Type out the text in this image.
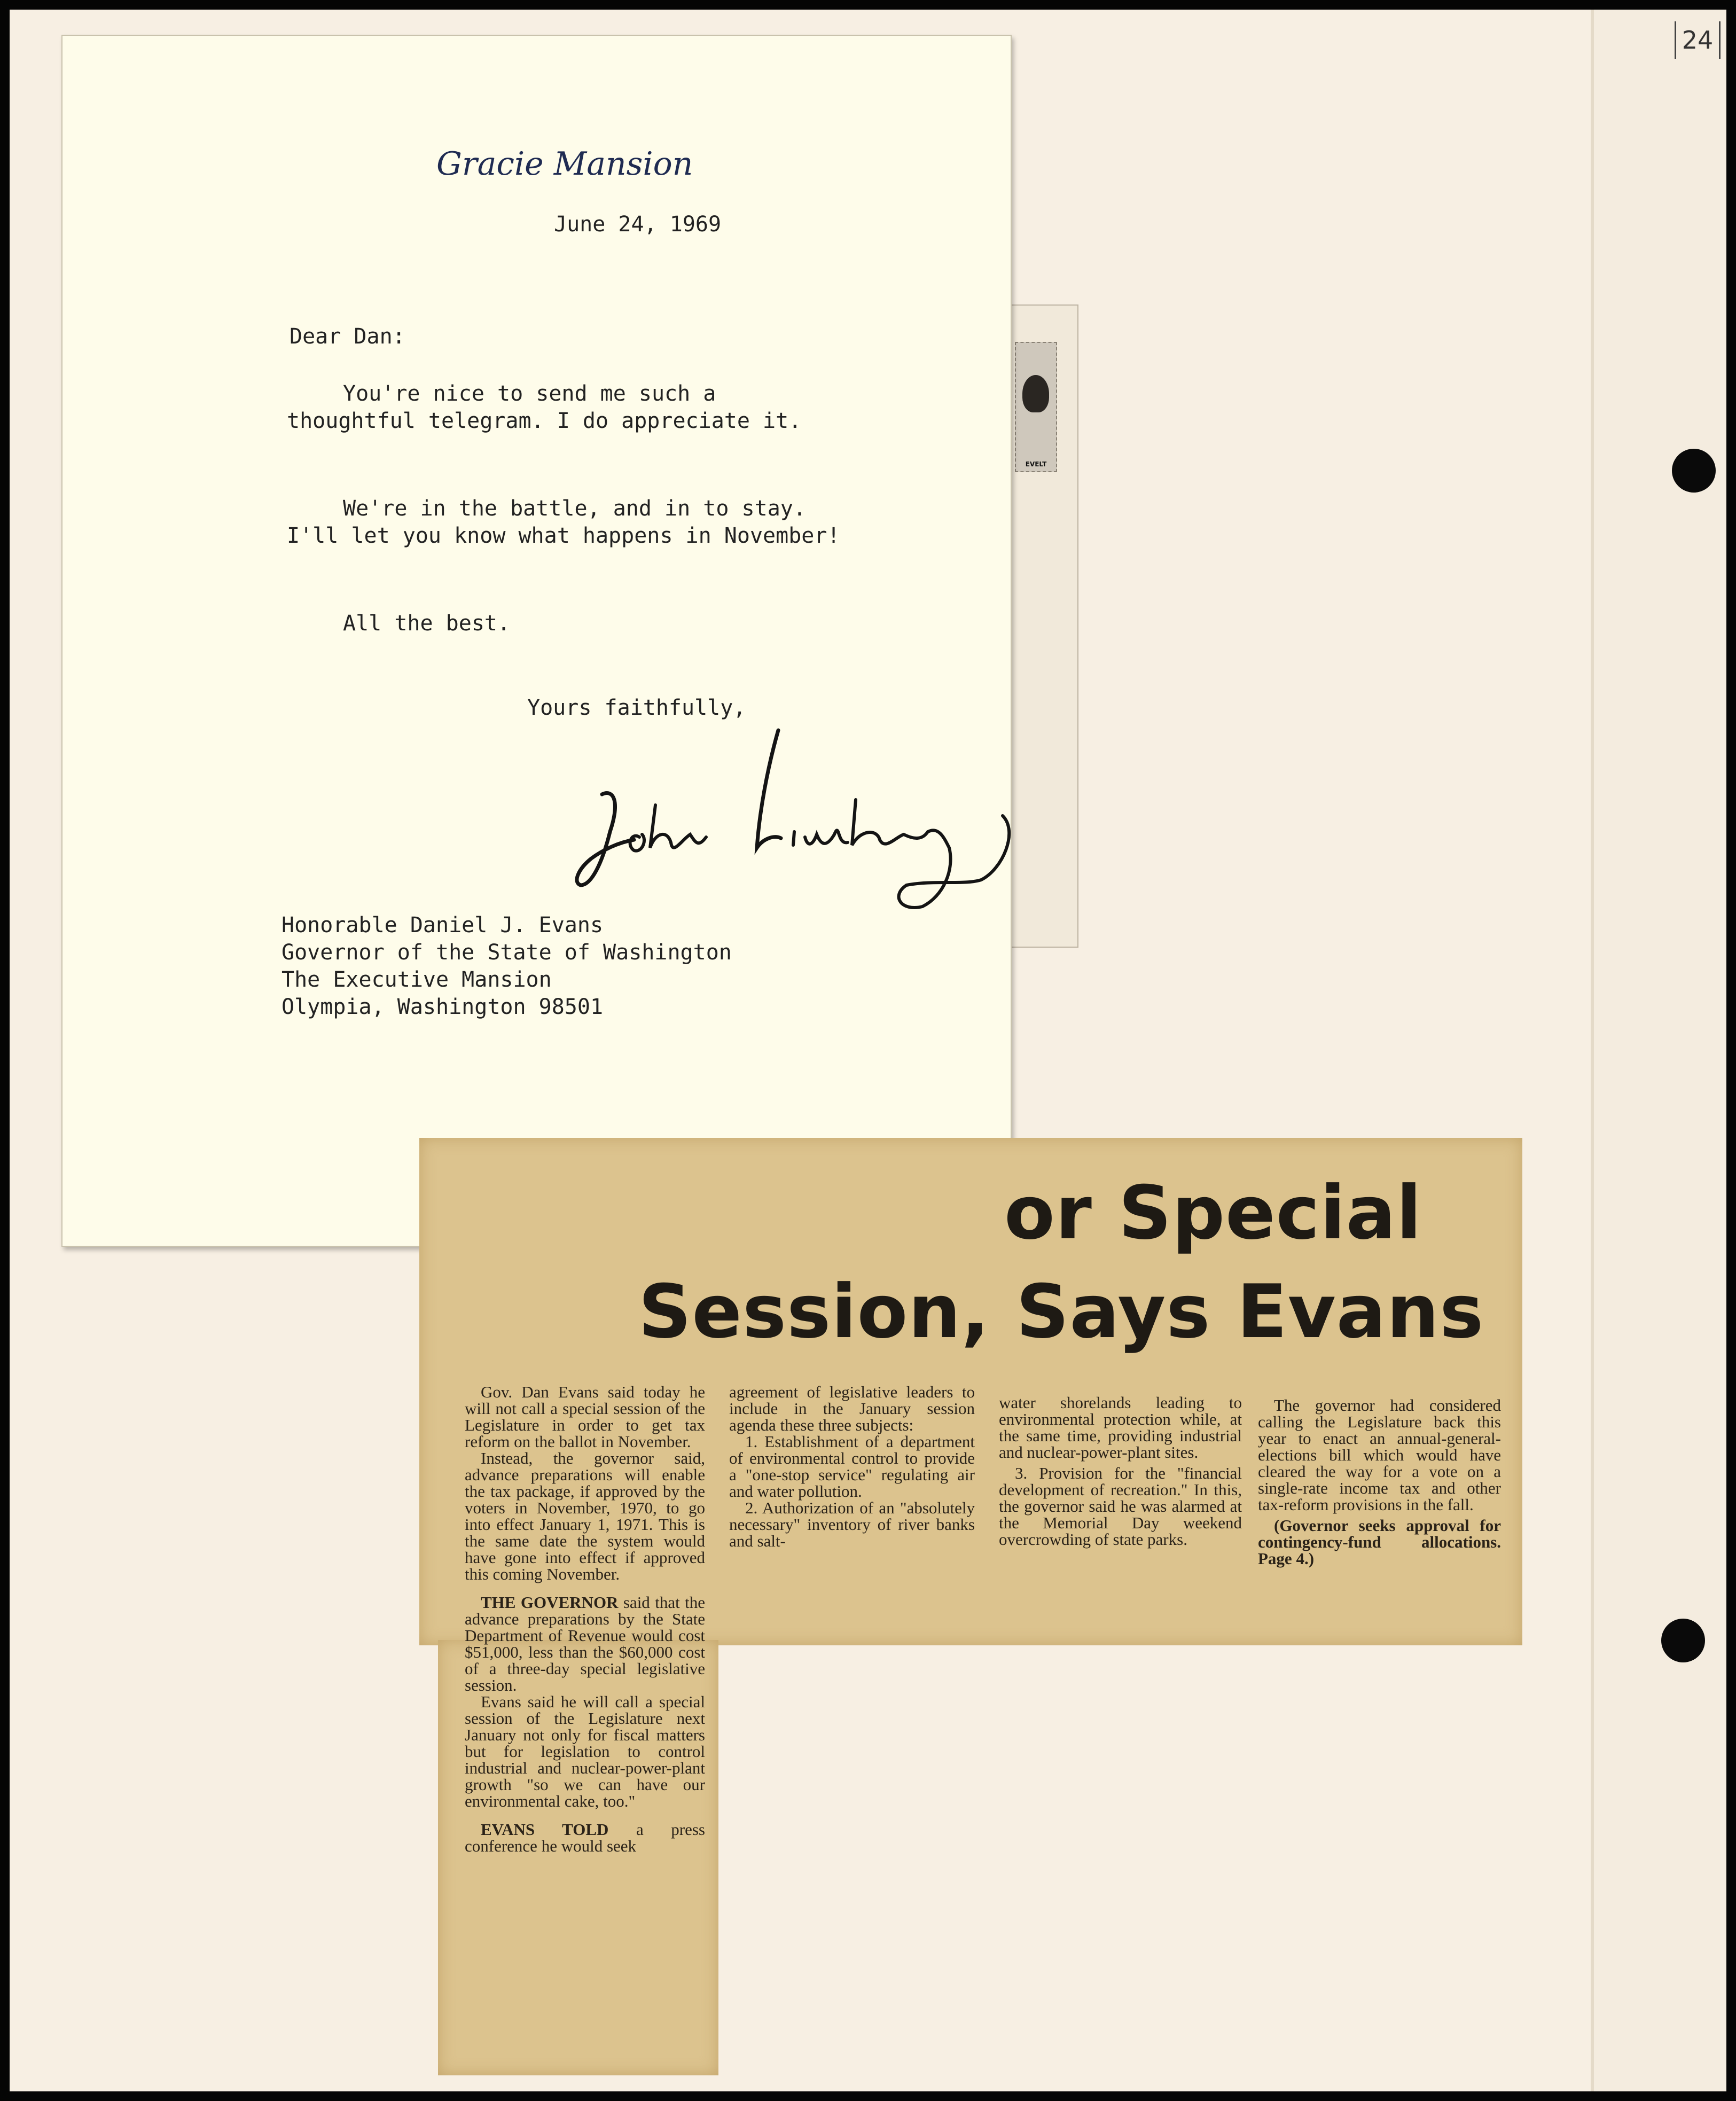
24
EVELT
Gracie Mansion
June 24, 1969
Dear Dan:

You're nice to send me such a thoughtful telegram. I do appreciate it.

We're in the battle, and in to stay. I'll let you know what happens in November!

All the best.

Yours faithfully,
Honorable Daniel J. Evans
Governor of the State of Washington
The Executive Mansion
Olympia, Washington 98501
or Special
Session, Says Evans

Gov. Dan Evans said today he will not call a special session of the Legislature in order to get tax reform on the ballot in November.

Instead, the governor said, advance preparations will enable the tax package, if approved by the voters in November, 1970, to go into effect January 1, 1971. This is the same date the system would have gone into effect if approved this coming November.

THE GOVERNOR said that the advance preparations by the State Department of Revenue would cost $51,000, less than the $60,000 cost of a three-day special legislative session.

Evans said he will call a special session of the Legislature next January not only for fiscal matters but for legislation to control industrial and nuclear-power-plant growth "so we can have our environmental cake, too."

EVANS TOLD a press conference he would seek

agreement of legislative leaders to include in the January session agenda these three subjects:

1. Establishment of a department of environmental control to provide a "one-stop service" regulating air and water pollution.

2. Authorization of an "absolutely necessary" inventory of river banks and salt-

water shorelands leading to environmental protection while, at the same time, providing industrial and nuclear-power-plant sites.

3. Provision for the "financial development of recreation." In this, the governor said he was alarmed at the Memorial Day weekend overcrowding of state parks.

The governor had considered calling the Legislature back this year to enact an annual-general-elections bill which would have cleared the way for a vote on a single-rate income tax and other tax-reform provisions in the fall.

(Governor seeks approval for contingency-fund allocations. Page 4.)
